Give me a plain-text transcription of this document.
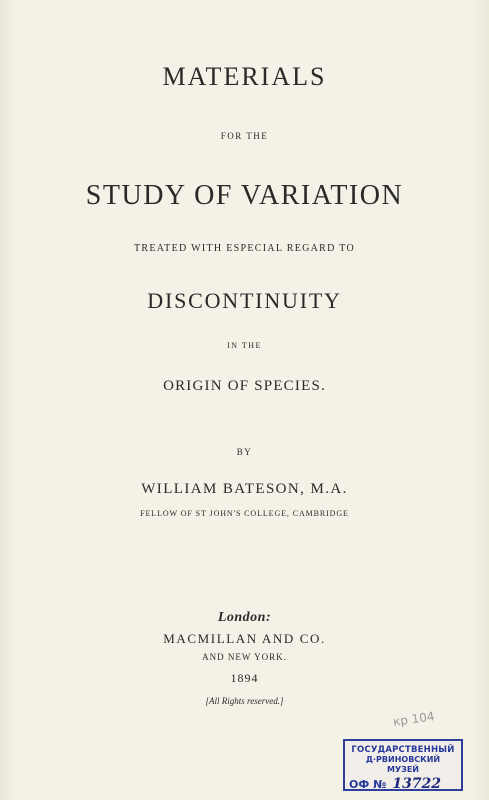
MATERIALS
FOR THE
STUDY OF VARIATION
TREATED WITH ESPECIAL REGARD TO
DISCONTINUITY
IN THE
ORIGIN OF SPECIES.
BY
WILLIAM BATESON, M.A.
FELLOW OF ST JOHN'S COLLEGE, CAMBRIDGE
London:
MACMILLAN AND CO.
AND NEW YORK.
1894
[All Rights reserved.]
кр 104
ГОСУДАРСТВЕННЫЙ
Д·РВИНОВСКИЙ МУЗЕЙ
ОФ № 13722
